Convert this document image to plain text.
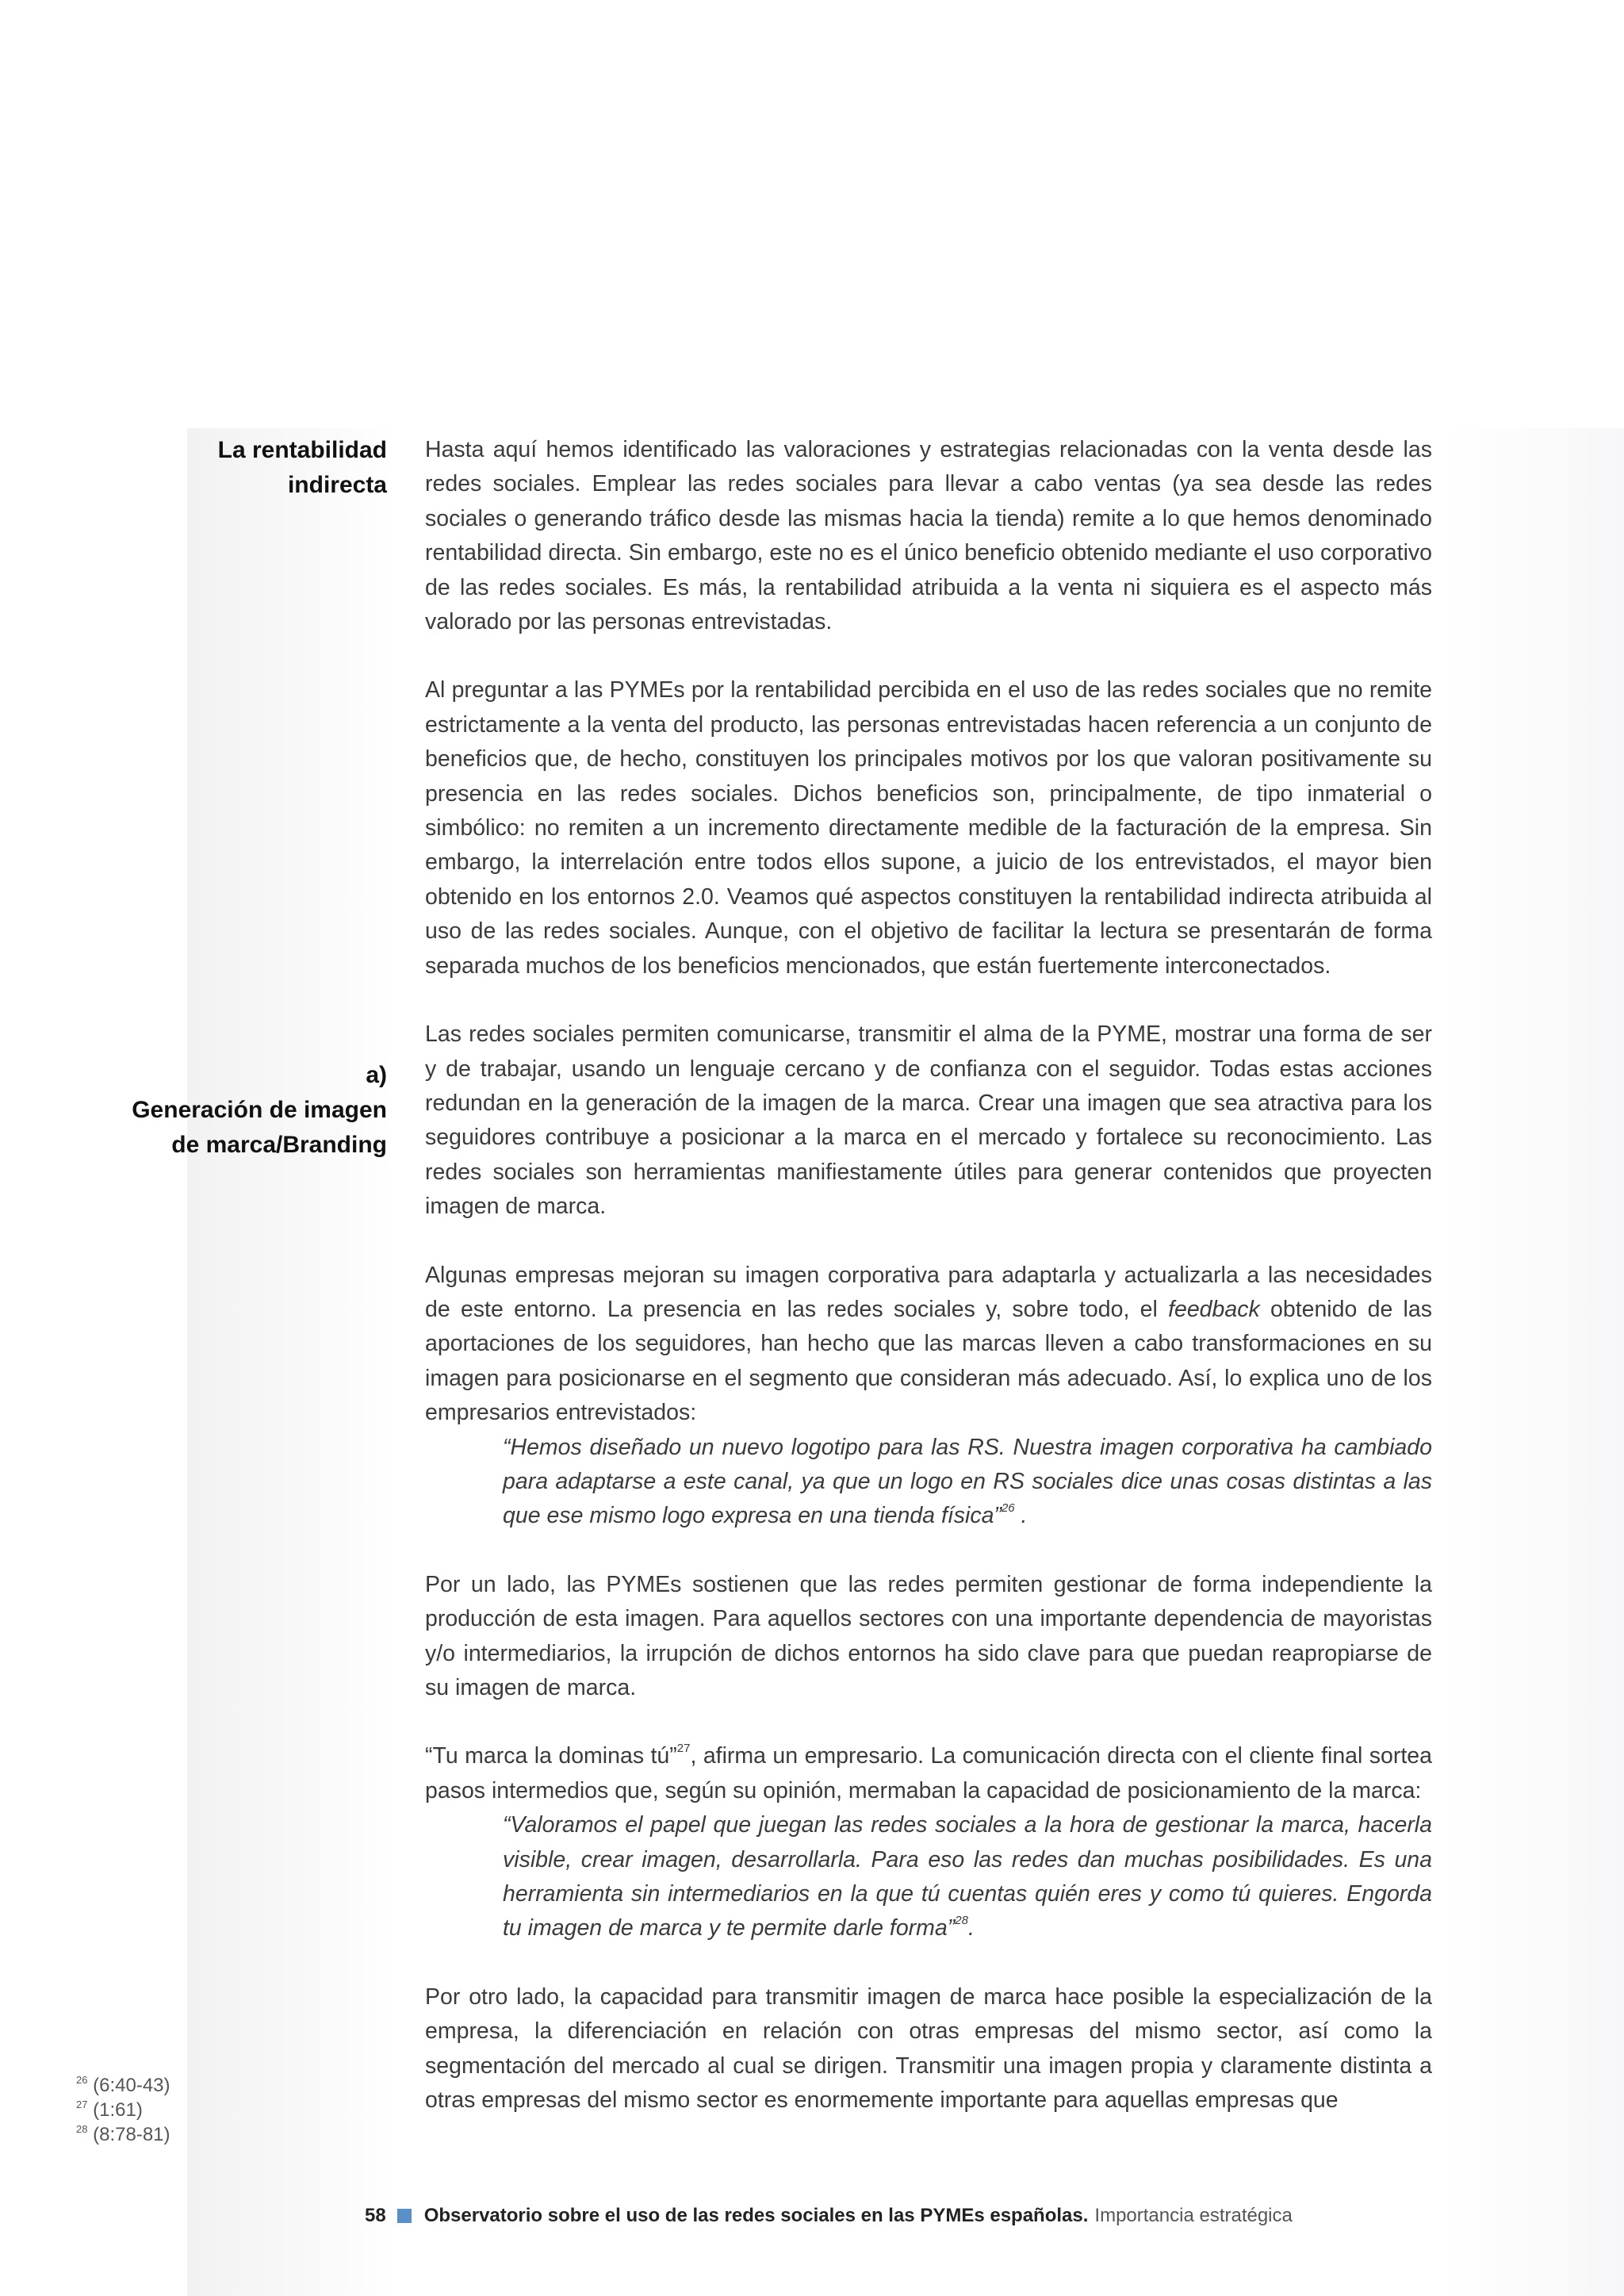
La rentabilidad
indirecta
a)
Generación de imagen
de marca/Branding

Hasta aquí hemos identificado las valoraciones y estrategias relacionadas con la venta desde las redes sociales. Emplear las redes sociales para llevar a cabo ventas (ya sea desde las redes sociales o generando tráfico desde las mismas hacia la tienda) remite a lo que hemos denominado rentabilidad directa. Sin embargo, este no es el único beneficio obtenido mediante el uso corporativo de las redes sociales. Es más, la rentabilidad atribuida a la venta ni siquiera es el aspecto más valorado por las personas entrevistadas.

Al preguntar a las PYMEs por la rentabilidad percibida en el uso de las redes sociales que no remite estrictamente a la venta del producto, las personas entrevistadas hacen referencia a un conjunto de beneficios que, de hecho, constituyen los principales motivos por los que valoran positivamente su presencia en las redes sociales. Dichos beneficios son, principalmente, de tipo inmaterial o simbólico: no remiten a un incremento directamente medible de la facturación de la empresa. Sin embargo, la interrelación entre todos ellos supone, a juicio de los entrevistados, el mayor bien obtenido en los entornos 2.0. Veamos qué aspectos constituyen la rentabilidad indirecta atribuida al uso de las redes sociales. Aunque, con el objetivo de facilitar la lectura se presentarán de forma separada muchos de los beneficios mencionados, que están fuertemente interconectados.

Las redes sociales permiten comunicarse, transmitir el alma de la PYME, mostrar una forma de ser y de trabajar, usando un lenguaje cercano y de confianza con el seguidor. Todas estas acciones redundan en la generación de la imagen de la marca. Crear una imagen que sea atractiva para los seguidores contribuye a posicionar a la marca en el mercado y fortalece su reconocimiento. Las redes sociales son herramientas manifiestamente útiles para generar contenidos que proyecten imagen de marca.

Algunas empresas mejoran su imagen corporativa para adaptarla y actualizarla a las necesidades de este entorno. La presencia en las redes sociales y, sobre todo, el feedback obtenido de las aportaciones de los seguidores, han hecho que las marcas lleven a cabo transformaciones en su imagen para posicionarse en el segmento que consideran más adecuado. Así, lo explica uno de los empresarios entrevistados:

“Hemos diseñado un nuevo logotipo para las RS. Nuestra imagen corporativa ha cambiado para adaptarse a este canal, ya que un logo en RS sociales dice unas cosas distintas a las que ese mismo logo expresa en una tienda física”$^{26}$ .

Por un lado, las PYMEs sostienen que las redes permiten gestionar de forma independiente la producción de esta imagen. Para aquellos sectores con una importante dependencia de mayoristas y/o intermediarios, la irrupción de dichos entornos ha sido clave para que puedan reapropiarse de su imagen de marca.

“Tu marca la dominas tú”$^{27}$, afirma un empresario. La comunicación directa con el cliente final sortea pasos intermedios que, según su opinión, mermaban la capacidad de posicionamiento de la marca:

“Valoramos el papel que juegan las redes sociales a la hora de gestionar la marca, hacerla visible, crear imagen, desarrollarla. Para eso las redes dan muchas posibilidades. Es una herramienta sin intermediarios en la que tú cuentas quién eres y como tú quieres. Engorda tu imagen de marca y te permite darle forma”$^{28}$.

Por otro lado, la capacidad para transmitir imagen de marca hace posible la especialización de la empresa, la diferenciación en relación con otras empresas del mismo sector, así como la segmentación del mercado al cual se dirigen. Transmitir una imagen propia y claramente distinta a otras empresas del mismo sector es enormemente importante para aquellas empresas que

$^{26}$ (6:40-43)
$^{27}$ (1:61)
$^{28}$ (8:78-81)
58 Observatorio sobre el uso de las redes sociales en las PYMEs españolas. Importancia estratégica
